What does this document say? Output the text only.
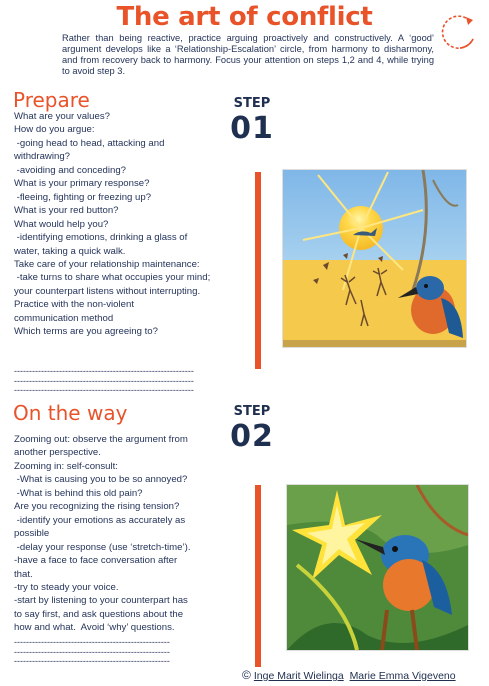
The art of conflict

Rather than being reactive, practice arguing proactively and constructively. A ‘good’ argument develops like a ‘Relationship-Escalation’ circle, from harmony to disharmony, and from recovery back to harmony. Focus your attention on steps 1,2 and 4, while trying to avoid step 3.

Prepare	STEP
01
What are your values?
How do you argue:
-going head to head, attacking and
withdrawing?
-avoiding and conceding?
What is your primary response?
-fleeing, fighting or freezing up?
What is your red button?
What would help you?
-identifying emotions, drinking a glass of
water, taking a quick walk.
Take care of your relationship maintenance:
-take turns to share what occupies your mind;
your counterpart listens without interrupting.
Practice with the non-violent
communication method
Which terms are you agreeing to?
------------------------------------------------------------
------------------------------------------------------------
------------------------------------------------------------
On the way	STEP
02
Zooming out: observe the argument from
another perspective.
Zooming in: self-consult:
-What is causing you to be so annoyed?
-What is behind this old pain?
Are you recognizing the rising tension?
-identify your emotions as accurately as
possible
-delay your response (use ‘stretch-time’).
-have a face to face conversation after
that.
-try to steady your voice.
-start by listening to your counterpart has
to say first, and ask questions about the
how and what.  Avoid ‘why’ questions.
----------------------------------------------------
----------------------------------------------------
----------------------------------------------------
© Inge Marit Wielinga Marie Emma Vigeveno
